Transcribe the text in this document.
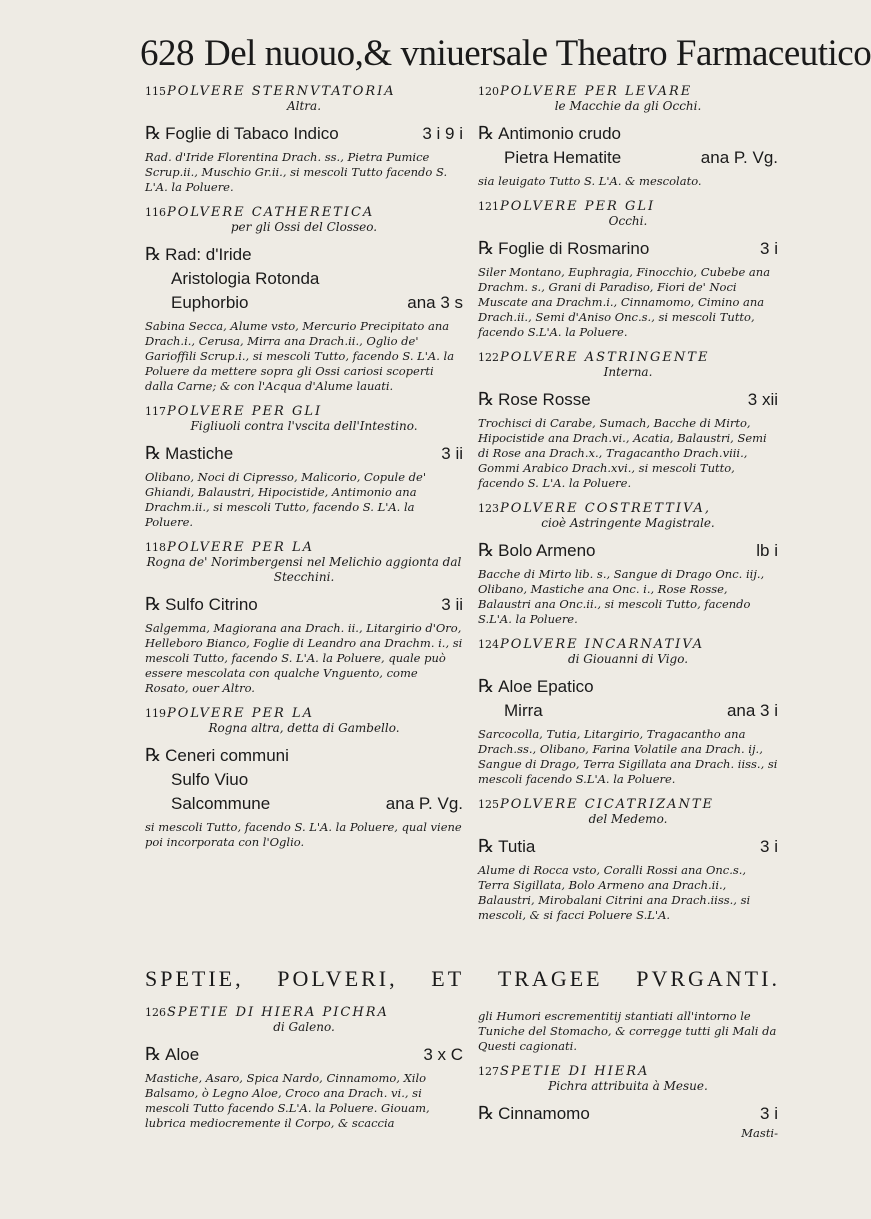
628 Del nuouo,& vniuersale Theatro Farmaceutico
115 POLVERE STERNVTATORIA
Altra.
℞ Foglie di Tabaco Indico	3 i 9 i
Rad. d'Iride Florentina Drach. ss., Pietra Pumice Scrup.ii., Muschio Gr.ii., si mescoli Tutto facendo S. L'A. la Poluere.
116 POLVERE CATHERETICA
per gli Ossi del Closseo.
℞ Rad: d'Iride
Aristologia Rotonda
Euphorbio	ana 3 s
Sabina Secca, Alume vsto, Mercurio Precipitato ana Drach.i., Cerusa, Mirra ana Drach.ii., Oglio de' Garioffili Scrup.i., si mescoli Tutto, facendo S. L'A. la Poluere da mettere sopra gli Ossi cariosi scoperti dalla Carne; & con l'Acqua d'Alume lauati.
117 POLVERE PER GLI
Figliuoli contra l'vscita dell'Intestino.
℞ Mastiche	3 ii
Olibano, Noci di Cipresso, Malicorio, Copule de' Ghiandi, Balaustri, Hipocistide, Antimonio ana Drachm.ii., si mescoli Tutto, facendo S. L'A. la Poluere.
118 POLVERE PER LA
Rogna de' Norimbergensi nel Melichio aggionta dal Stecchini.
℞ Sulfo Citrino	3 ii
Salgemma, Magiorana ana Drach. ii., Litargirio d'Oro, Helleboro Bianco, Foglie di Leandro ana Drachm. i., si mescoli Tutto, facendo S. L'A. la Poluere, quale può essere mescolata con qualche Vnguento, come Rosato, ouer Altro.
119 POLVERE PER LA
Rogna altra, detta di Gambello.
℞ Ceneri communi
Sulfo Viuo
Salcommune	ana P. Vg.
si mescoli Tutto, facendo S. L'A. la Poluere, qual viene poi incorporata con l'Oglio.
120 POLVERE PER LEVARE
le Macchie da gli Occhi.
℞ Antimonio crudo
Pietra Hematite	ana P. Vg.
sia leuigato Tutto S. L'A. & mescolato.
121 POLVERE PER GLI
Occhi.
℞ Foglie di Rosmarino	3 i
Siler Montano, Euphragia, Finocchio, Cubebe ana Drachm. s., Grani di Paradiso, Fiori de' Noci Muscate ana Drachm.i., Cinnamomo, Cimino ana Drach.ii., Semi d'Aniso Onc.s., si mescoli Tutto, facendo S.L'A. la Poluere.
122 POLVERE ASTRINGENTE
Interna.
℞ Rose Rosse	3 xii
Trochisci di Carabe, Sumach, Bacche di Mirto, Hipocistide ana Drach.vi., Acatia, Balaustri, Semi di Rose ana Drach.x., Tragacantho Drach.viii., Gommi Arabico Drach.xvi., si mescoli Tutto, facendo S. L'A. la Poluere.
123 POLVERE COSTRETTIVA,
cioè Astringente Magistrale.
℞ Bolo Armeno	lb i
Bacche di Mirto lib. s., Sangue di Drago Onc. iij., Olibano, Mastiche ana Onc. i., Rose Rosse, Balaustri ana Onc.ii., si mescoli Tutto, facendo S.L'A. la Poluere.
124 POLVERE INCARNATIVA
di Giouanni di Vigo.
℞ Aloe Epatico
Mirra	ana 3 i
Sarcocolla, Tutia, Litargirio, Tragacantho ana Drach.ss., Olibano, Farina Volatile ana Drach. ij., Sangue di Drago, Terra Sigillata ana Drach. iiss., si mescoli facendo S.L'A. la Poluere.
125 POLVERE CICATRIZANTE
del Medemo.
℞ Tutia	3 i
Alume di Rocca vsto, Coralli Rossi ana Onc.s., Terra Sigillata, Bolo Armeno ana Drach.ii., Balaustri, Mirobalani Citrini ana Drach.iiss., si mescoli, & si facci Poluere S.L'A.
SPETIE, POLVERI, ET TRAGEE PVRGANTI.
126 SPETIE DI HIERA PICHRA
di Galeno.
℞ Aloe	3 x C
Mastiche, Asaro, Spica Nardo, Cinnamomo, Xilo Balsamo, ò Legno Aloe, Croco ana Drach. vi., si mescoli Tutto facendo S.L'A. la Poluere. Giouam, lubrica mediocremente il Corpo, & scaccia
gli Humori escrementitij stantiati all'intorno le Tuniche del Stomacho, & corregge tutti gli Mali da Questi cagionati.
127 SPETIE DI HIERA
Pichra attribuita à Mesue.
℞ Cinnamomo	3 i
Masti-
